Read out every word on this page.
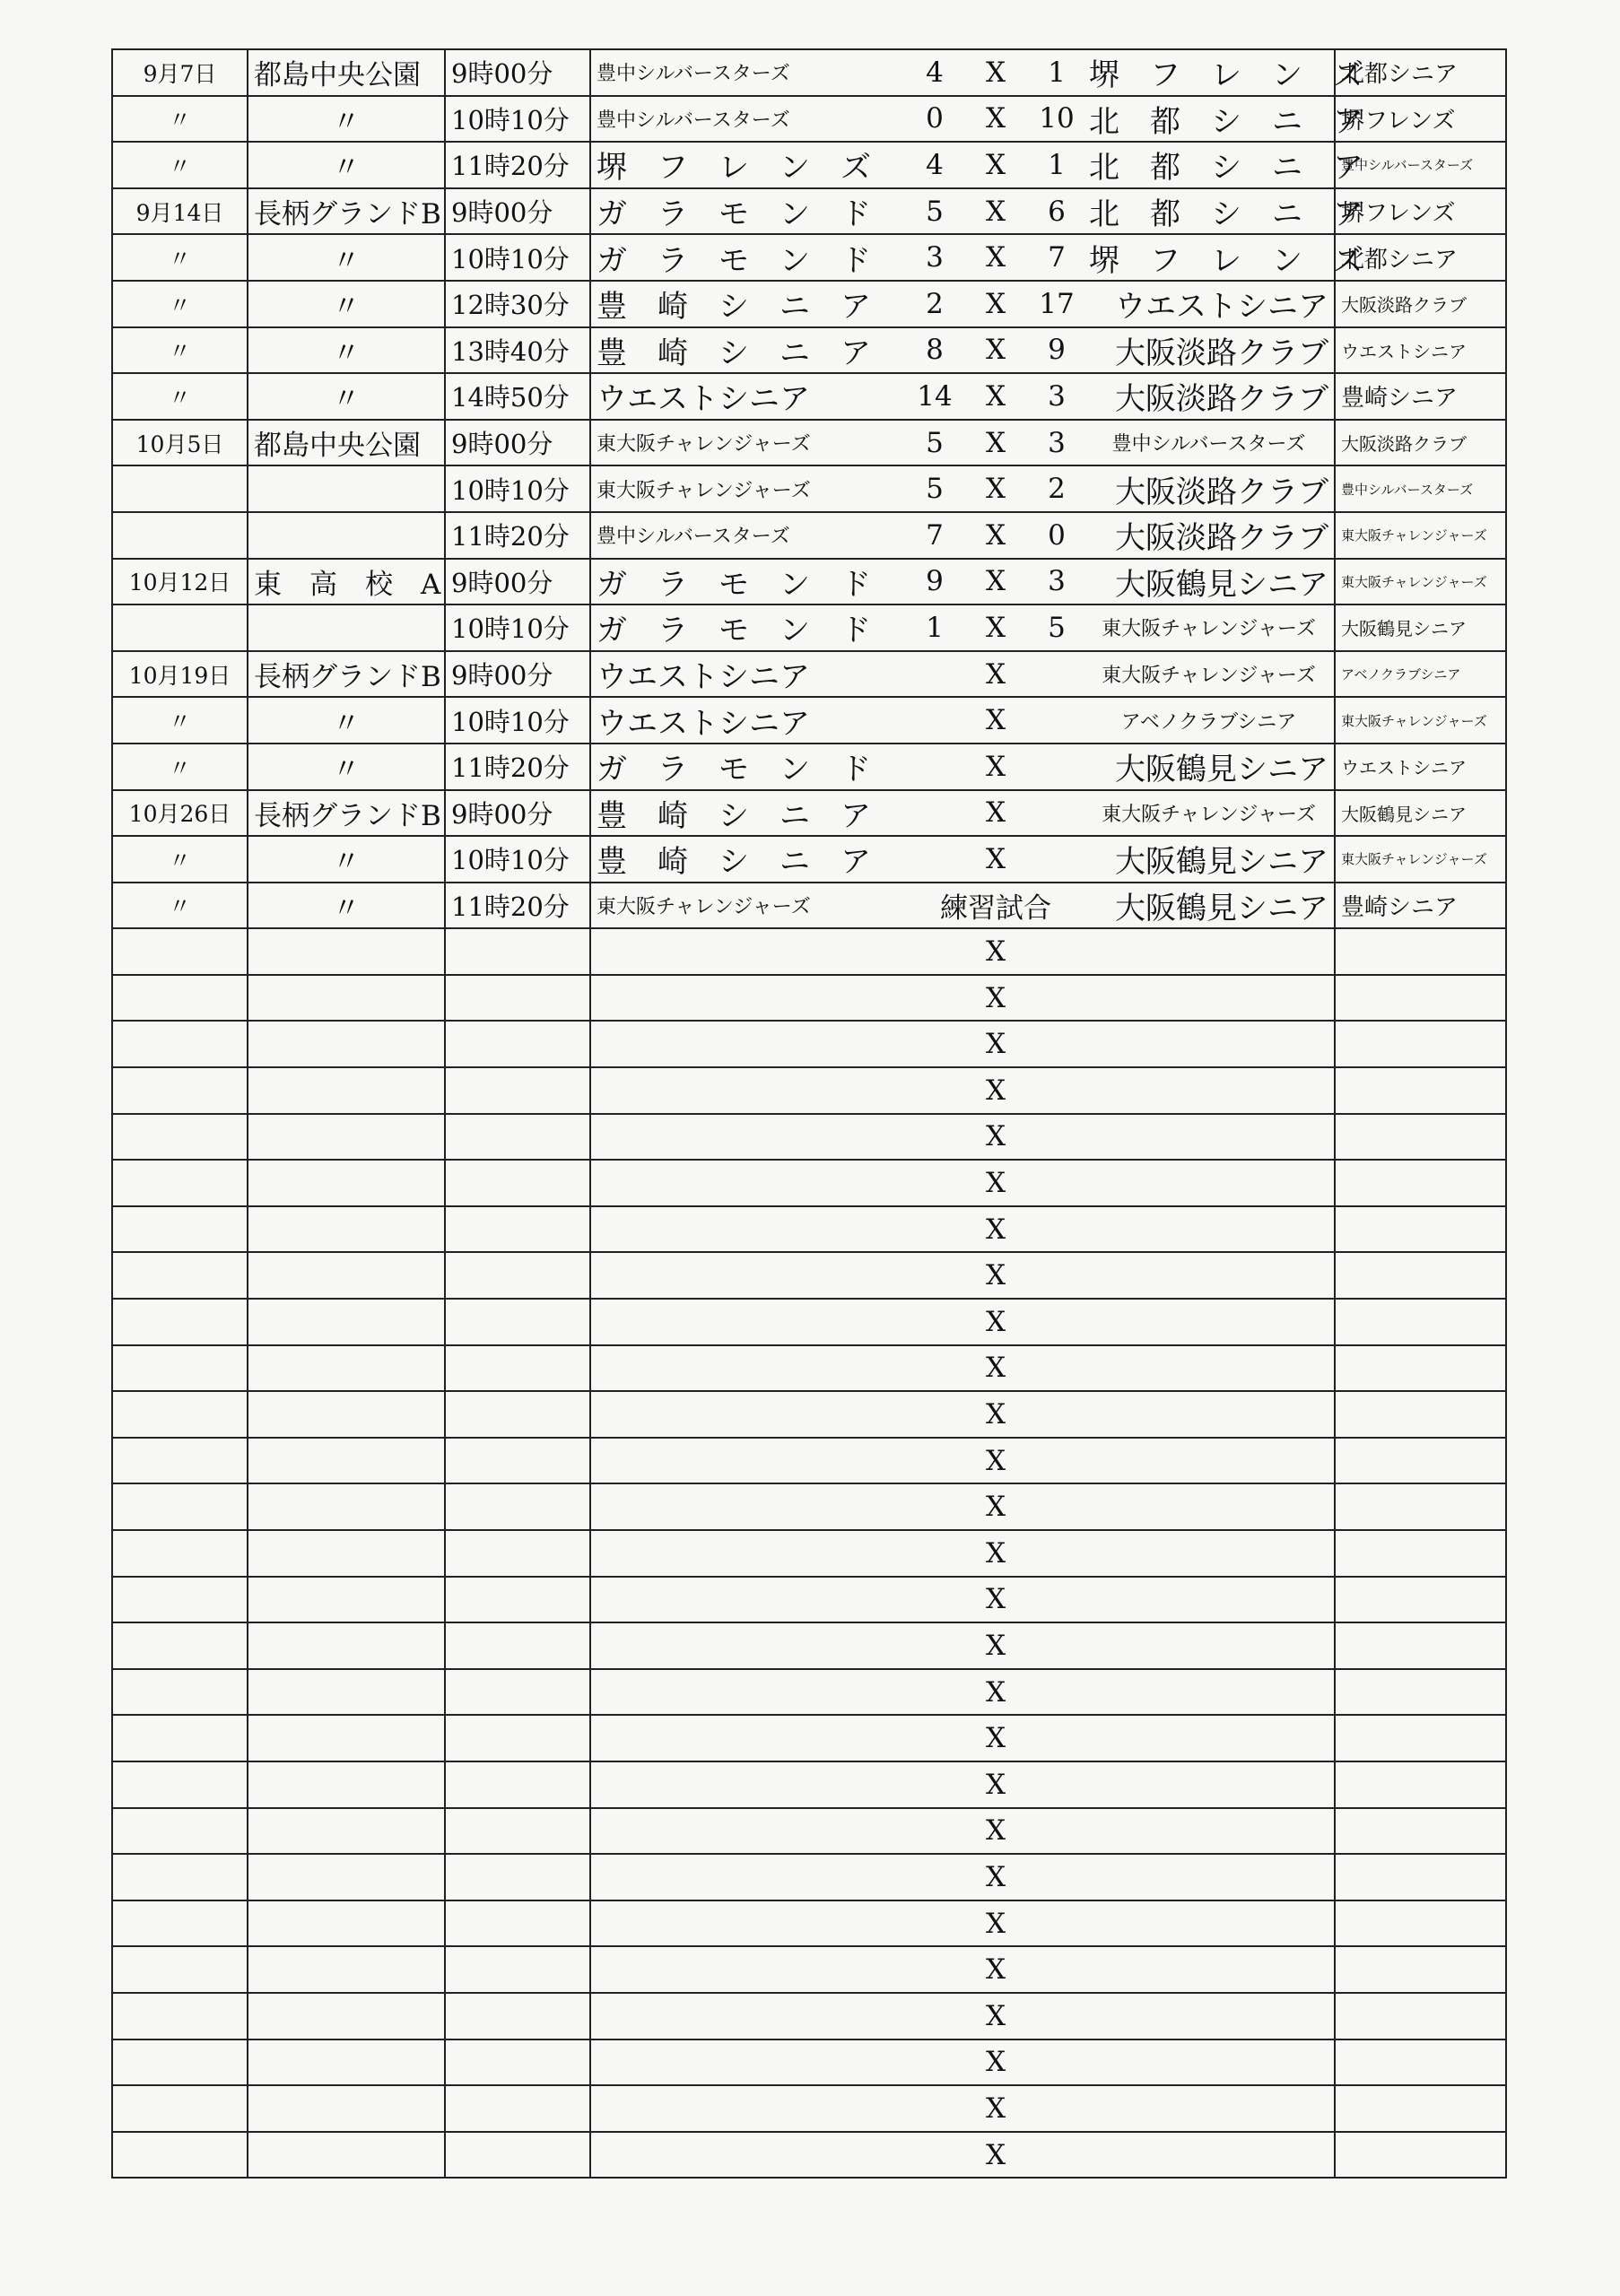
9月7日	都島中央公園	9時00分	豊中シルバースターズ	4 X 1	堺　フ　レ　ン　ズ	北都シニア
〃	〃	10時10分	豊中シルバースターズ	0 X 10	北　都　シ　ニ　ア	堺フレンズ
〃	〃	11時20分	堺　フ　レ　ン　ズ	4 X 1	北　都　シ　ニ　ア	豊中シルバースターズ
9月14日	長柄グランドB	9時00分	ガ　ラ　モ　ン　ド	5 X 6	北　都　シ　ニ　ア	堺フレンズ
〃	〃	10時10分	ガ　ラ　モ　ン　ド	3 X 7	堺　フ　レ　ン　ズ	北都シニア
〃	〃	12時30分	豊　崎　シ　ニ　ア	2 X 17	ウエストシニア	大阪淡路クラブ
〃	〃	13時40分	豊　崎　シ　ニ　ア	8 X 9	大阪淡路クラブ	ウエストシニア
〃	〃	14時50分	ウエストシニア	14 X 3	大阪淡路クラブ	豊崎シニア
10月5日	都島中央公園	9時00分	東大阪チャレンジャーズ	5 X 3	豊中シルバースターズ	大阪淡路クラブ
		10時10分	東大阪チャレンジャーズ	5 X 2	大阪淡路クラブ	豊中シルバースターズ
		11時20分	豊中シルバースターズ	7 X 0	大阪淡路クラブ	東大阪チャレンジャーズ
10月12日	東　高　校　A	9時00分	ガ　ラ　モ　ン　ド	9 X 3	大阪鶴見シニア	東大阪チャレンジャーズ
		10時10分	ガ　ラ　モ　ン　ド	1 X 5	東大阪チャレンジャーズ	大阪鶴見シニア
10月19日	長柄グランドB	9時00分	ウエストシニア	X	東大阪チャレンジャーズ	アベノクラブシニア
〃	〃	10時10分	ウエストシニア	X	アベノクラブシニア	東大阪チャレンジャーズ
〃	〃	11時20分	ガ　ラ　モ　ン　ド	X	大阪鶴見シニア	ウエストシニア
10月26日	長柄グランドB	9時00分	豊　崎　シ　ニ　ア	X	東大阪チャレンジャーズ	大阪鶴見シニア
〃	〃	10時10分	豊　崎　シ　ニ　ア	X	大阪鶴見シニア	東大阪チャレンジャーズ
〃	〃	11時20分	東大阪チャレンジャーズ	練習試合	大阪鶴見シニア	豊崎シニア

				X		

				X		

				X		

				X		

				X		

				X		

				X		

				X		

				X		

				X		

				X		

				X		

				X		

				X		

				X		

				X		

				X		

				X		

				X		

				X		

				X		

				X		

				X		

				X		

				X		

				X		

				X		
